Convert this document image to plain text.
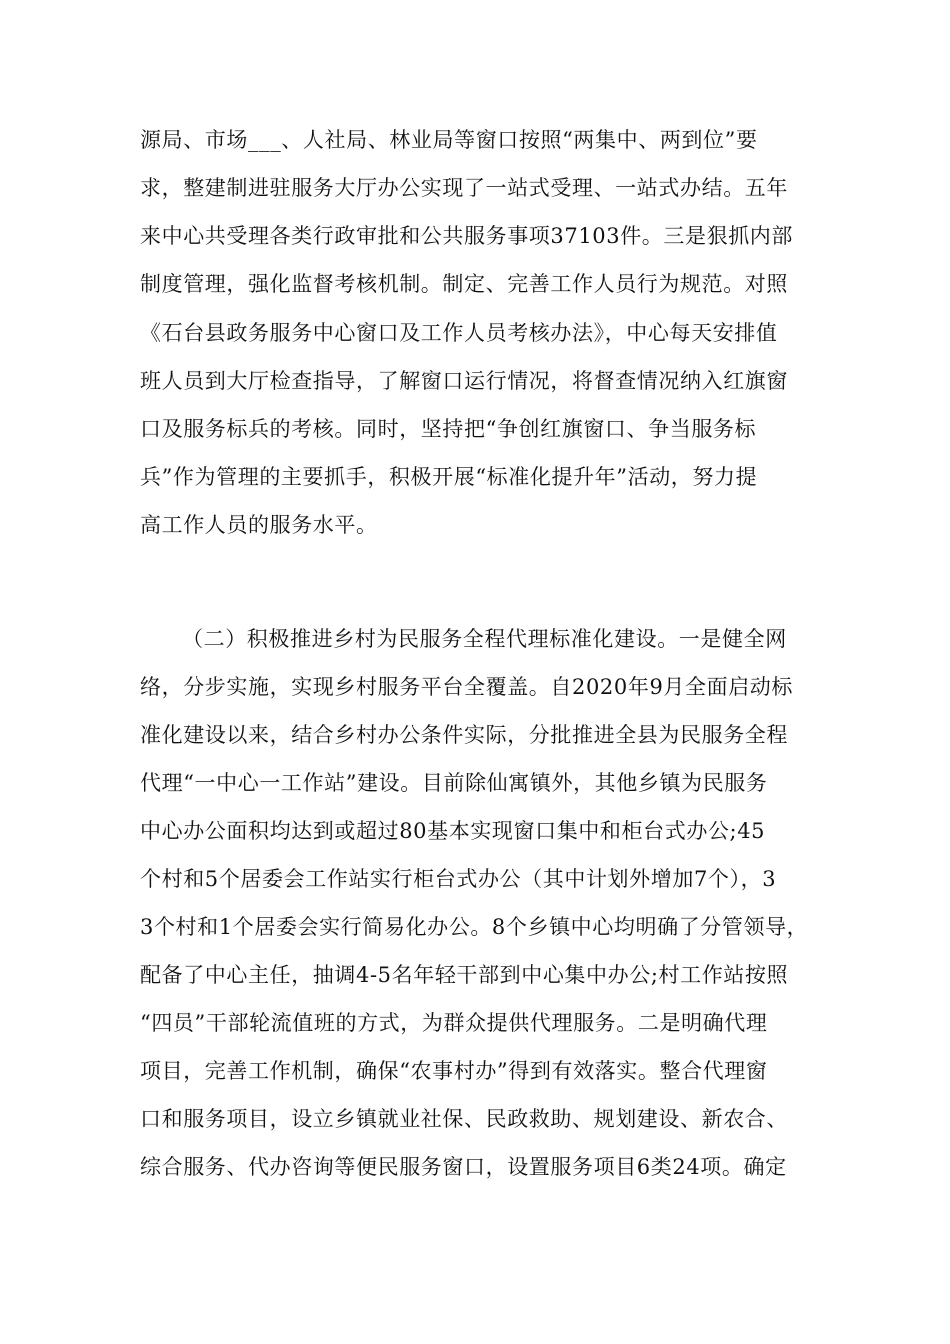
源局、市场___、人社局、林业局等窗口按照“两集中、两到位”要
求，整建制进驻服务大厅办公实现了一站式受理、一站式办结。五年
来中心共受理各类行政审批和公共服务事项37103件。三是狠抓内部
制度管理，强化监督考核机制。制定、完善工作人员行为规范。对照
《石台县政务服务中心窗口及工作人员考核办法》，中心每天安排值
班人员到大厅检查指导，了解窗口运行情况，将督查情况纳入红旗窗
口及服务标兵的考核。同时，坚持把“争创红旗窗口、争当服务标
兵”作为管理的主要抓手，积极开展“标准化提升年”活动，努力提
高工作人员的服务水平。
（二）积极推进乡村为民服务全程代理标准化建设。一是健全网
络，分步实施，实现乡村服务平台全覆盖。自2020年9月全面启动标
准化建设以来，结合乡村办公条件实际，分批推进全县为民服务全程
代理“一中心一工作站”建设。目前除仙寓镇外，其他乡镇为民服务
中心办公面积均达到或超过80基本实现窗口集中和柜台式办公;45
个村和5个居委会工作站实行柜台式办公（其中计划外增加7个），3
3个村和1个居委会实行简易化办公。8个乡镇中心均明确了分管领导，
配备了中心主任，抽调4-5名年轻干部到中心集中办公;村工作站按照
“四员”干部轮流值班的方式，为群众提供代理服务。二是明确代理
项目，完善工作机制，确保“农事村办”得到有效落实。整合代理窗
口和服务项目，设立乡镇就业社保、民政救助、规划建设、新农合、
综合服务、代办咨询等便民服务窗口，设置服务项目6类24项。确定
